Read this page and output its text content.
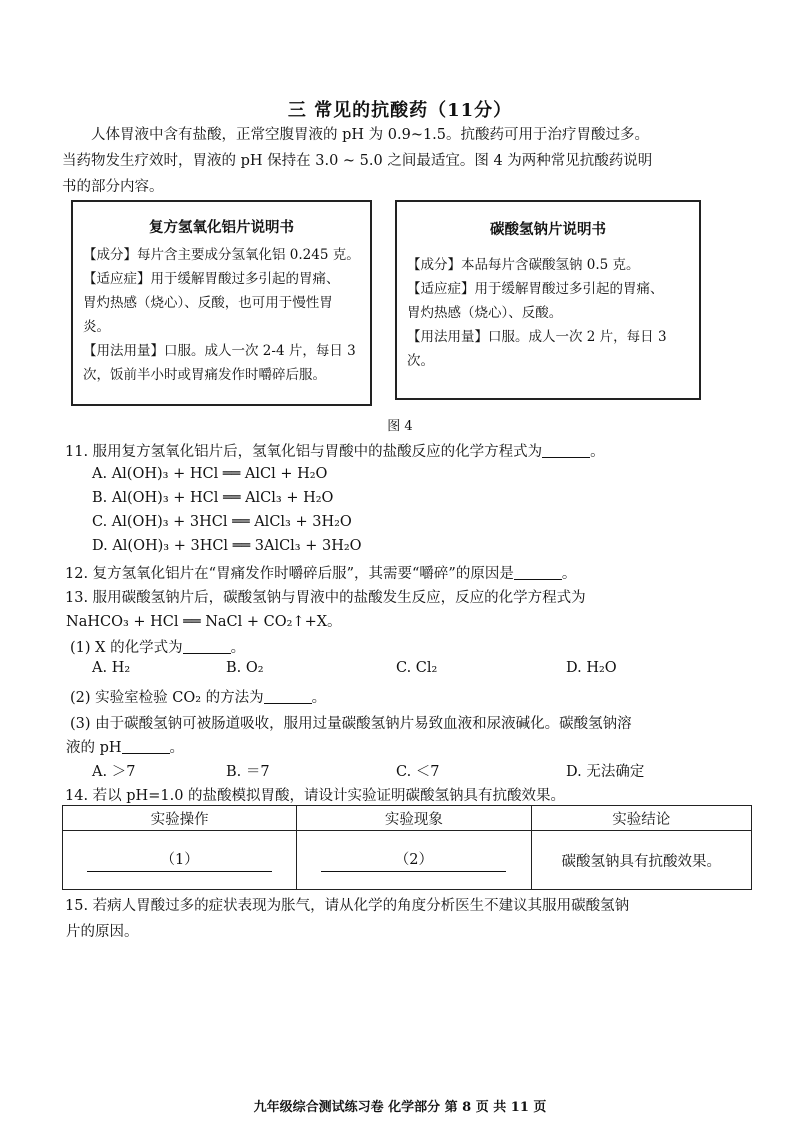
三 常见的抗酸药（11分）

人体胃液中含有盐酸，正常空腹胃液的 pH 为 0.9~1.5。抗酸药可用于治疗胃酸过多。

当药物发生疗效时，胃液的 pH 保持在 3.0 ~ 5.0 之间最适宜。图 4 为两种常见抗酸药说明

书的部分内容。

复方氢氧化铝片说明书
【成分】每片含主要成分氢氧化铝 0.245 克。
【适应症】用于缓解胃酸过多引起的胃痛、
胃灼热感（烧心）、反酸，也可用于慢性胃
炎。
【用法用量】口服。成人一次 2-4 片，每日 3
次，饭前半小时或胃痛发作时嚼碎后服。
碳酸氢钠片说明书
【成分】本品每片含碳酸氢钠 0.5 克。
【适应症】用于缓解胃酸过多引起的胃痛、
胃灼热感（烧心）、反酸。
【用法用量】口服。成人一次 2 片，每日 3
次。
图 4
11. 服用复方氢氧化铝片后，氢氧化铝与胃酸中的盐酸反应的化学方程式为	。
A. Al(OH)₃ + HCl ══ AlCl + H₂O
B. Al(OH)₃ + HCl ══ AlCl₃ + H₂O
C. Al(OH)₃ + 3HCl ══ AlCl₃ + 3H₂O
D. Al(OH)₃ + 3HCl ══ 3AlCl₃ + 3H₂O
12. 复方氢氧化铝片在“胃痛发作时嚼碎后服”，其需要“嚼碎”的原因是	。
13. 服用碳酸氢钠片后，碳酸氢钠与胃液中的盐酸发生反应，反应的化学方程式为
NaHCO₃ + HCl ══ NaCl + CO₂↑+X。
(1) X 的化学式为	。
A. H₂	B. O₂	C. Cl₂	D. H₂O
(2) 实验室检验 CO₂ 的方法为	。
(3) 由于碳酸氢钠可被肠道吸收，服用过量碳酸氢钠片易致血液和尿液碱化。碳酸氢钠溶
液的 pH	。
A. ＞7	B. ＝7	C. ＜7	D. 无法确定
14. 若以 pH=1.0 的盐酸模拟胃酸，请设计实验证明碳酸氢钠具有抗酸效果。
实验操作	实验现象	实验结论
（1）	（2）	碳酸氢钠具有抗酸效果。
15. 若病人胃酸过多的症状表现为胀气，请从化学的角度分析医生不建议其服用碳酸氢钠
片的原因。
九年级综合测试练习卷 化学部分 第 8 页 共 11 页
